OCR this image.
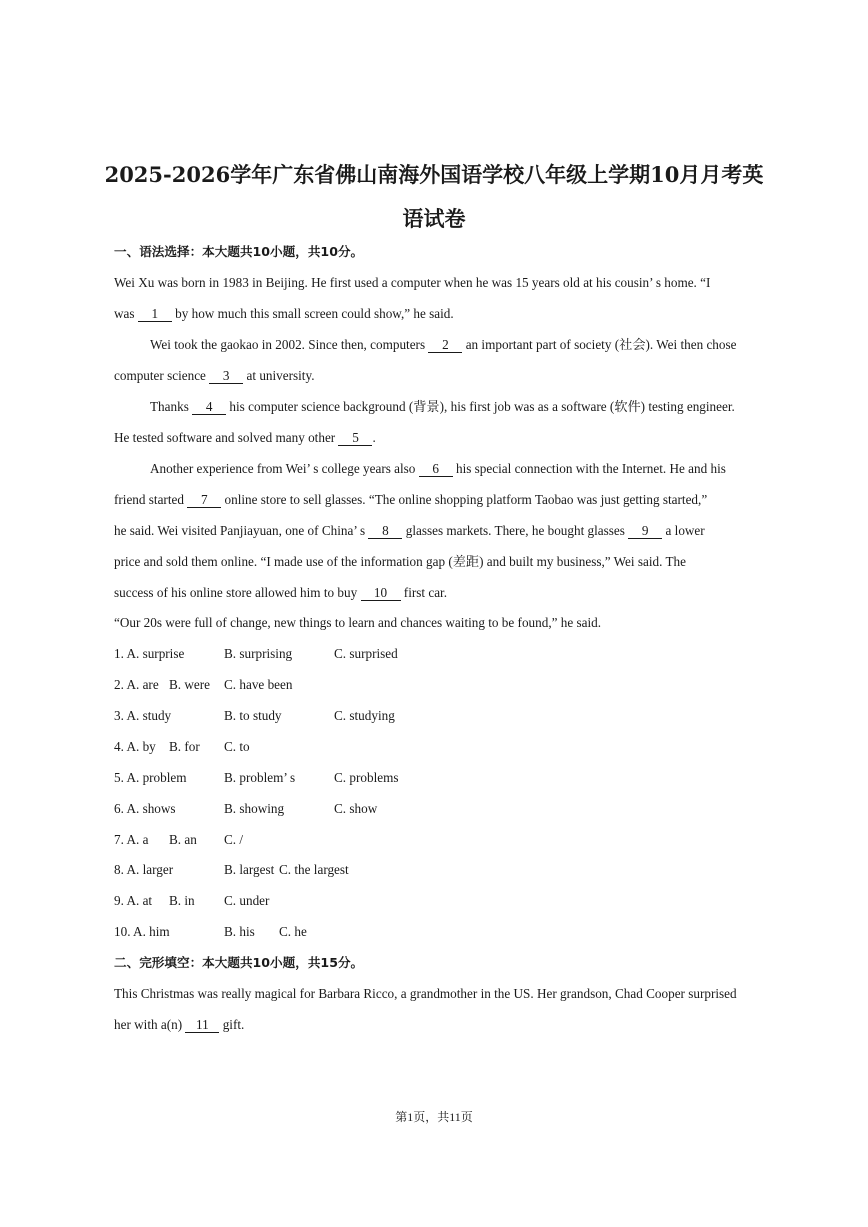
2025-2026学年广东省佛山南海外国语学校八年级上学期10月月考英
语试卷
一、语法选择：本大题共10小题，共10分。
Wei Xu was born in 1983 in Beijing. He first used a computer when he was 15 years old at his cousin’ s home. “I
was 1 by how much this small screen could show,” he said.
Wei took the gaokao in 2002. Since then, computers 2 an important part of society (社会). Wei then chose
computer science 3 at university.
Thanks 4 his computer science background (背景), his first job was as a software (软件) testing engineer.
He tested software and solved many other 5 .
Another experience from Wei’ s college years also 6 his special connection with the Internet. He and his
friend started 7 online store to sell glasses. “The online shopping platform Taobao was just getting started,”
he said. Wei visited Panjiayuan, one of China’ s 8 glasses markets. There, he bought glasses 9 a lower
price and sold them online. “I made use of the information gap (差距) and built my business,” Wei said. The
success of his online store allowed him to buy 10 first car.
“Our 20s were full of change, new things to learn and chances waiting to be found,” he said.
1. A. surprise	B. surprising	C. surprised
2. A. are B. were C. have been
3. A. study	B. to study	C. studying
4. A. by B. for C. to
5. A. problem	B. problem’ s	C. problems
6. A. shows	B. showing	C. show
7. A. a B. an C. /
8. A. larger	B. largest C. the largest
9. A. at B. in C. under
10. A. him	B. his C. he
二、完形填空：本大题共10小题，共15分。
This Christmas was really magical for Barbara Ricco, a grandmother in the US. Her grandson, Chad Cooper surprised
her with a(n) 11 gift.
第1页，共11页
